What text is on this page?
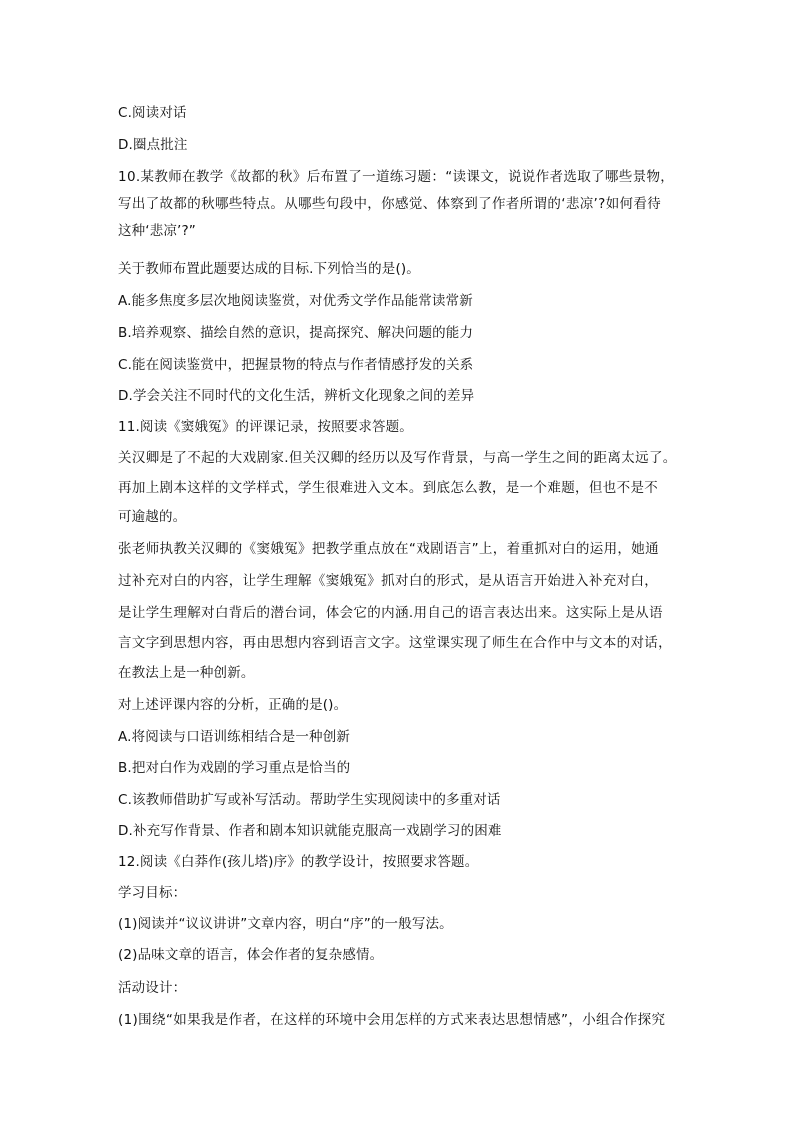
C.阅读对话
D.圈点批注
10.某教师在教学《故都的秋》后布置了一道练习题：“读课文，说说作者选取了哪些景物，
写出了故都的秋哪些特点。从哪些句段中，你感觉、体察到了作者所谓的‘悲凉’?如何看待
这种‘悲凉’?”
关于教师布置此题要达成的目标.下列恰当的是()。
A.能多焦度多层次地阅读鉴赏，对优秀文学作品能常读常新
B.培养观察、描绘自然的意识，提高探究、解决问题的能力
C.能在阅读鉴赏中，把握景物的特点与作者情感抒发的关系
D.学会关注不同时代的文化生活，辨析文化现象之间的差异
11.阅读《窦娥冤》的评课记录，按照要求答题。
关汉卿是了不起的大戏剧家.但关汉卿的经历以及写作背景，与高一学生之间的距离太远了。
再加上剧本这样的文学样式，学生很难进入文本。到底怎么教，是一个难题，但也不是不
可逾越的。
张老师执教关汉卿的《窦娥冤》把教学重点放在“戏剧语言”上，着重抓对白的运用，她通
过补充对白的内容，让学生理解《窦娥冤》抓对白的形式，是从语言开始进入补充对白，
是让学生理解对白背后的潜台词，体会它的内涵.用自己的语言表达出来。这实际上是从语
言文字到思想内容，再由思想内容到语言文字。这堂课实现了师生在合作中与文本的对话，
在教法上是一种创新。
对上述评课内容的分析，正确的是()。
A.将阅读与口语训练相结合是一种创新
B.把对白作为戏剧的学习重点是恰当的
C.该教师借助扩写或补写活动。帮助学生实现阅读中的多重对话
D.补充写作背景、作者和剧本知识就能克服高一戏剧学习的困难
12.阅读《白莽作(孩儿塔)序》的教学设计，按照要求答题。
学习目标：
(1)阅读并“议议讲讲”文章内容，明白“序”的一般写法。
(2)品味文章的语言，体会作者的复杂感情。
活动设计：
(1)围绕“如果我是作者，在这样的环境中会用怎样的方式来表达思想情感”，小组合作探究
